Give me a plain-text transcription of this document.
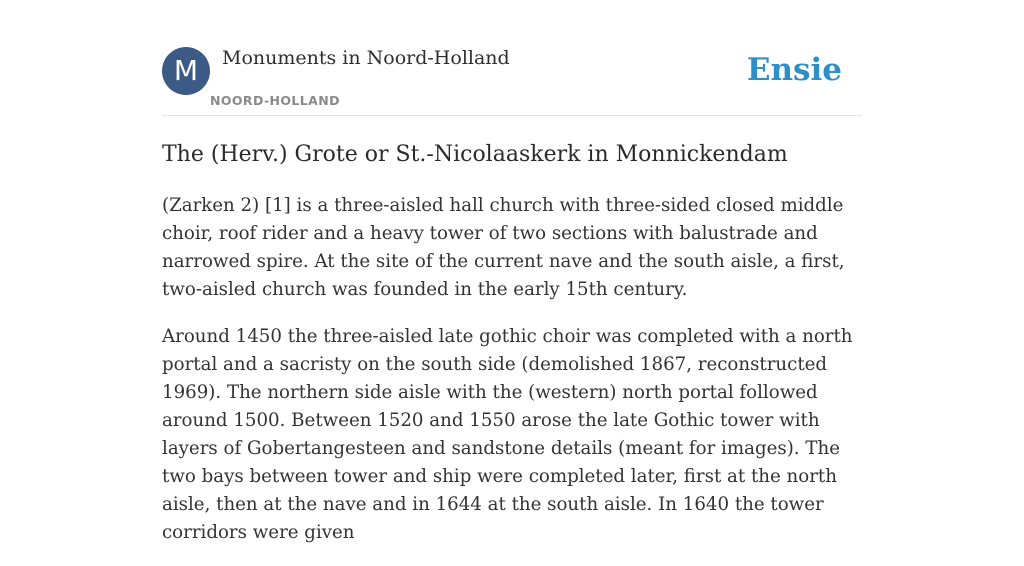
M	Monuments in Noord-Holland
NOORD-HOLLAND
Ensie
The (Herv.) Grote or St.-Nicolaaskerk in Monnickendam

(Zarken 2) [1] is a three-aisled hall church with three-sided closed middle choir, roof rider and a heavy tower of two sections with balustrade and narrowed spire. At the site of the current nave and the south aisle, a first, two-aisled church was founded in the early 15th century.

Around 1450 the three-aisled late gothic choir was completed with a north portal and a sacristy on the south side (demolished 1867, reconstructed 1969). The northern side aisle with the (western) north portal followed around 1500. Between 1520 and 1550 arose the late Gothic tower with layers of Gobertangesteen and sandstone details (meant for images). The two bays between tower and ship were completed later, first at the north aisle, then at the nave and in 1644 at the south aisle. In 1640 the tower corridors were given
